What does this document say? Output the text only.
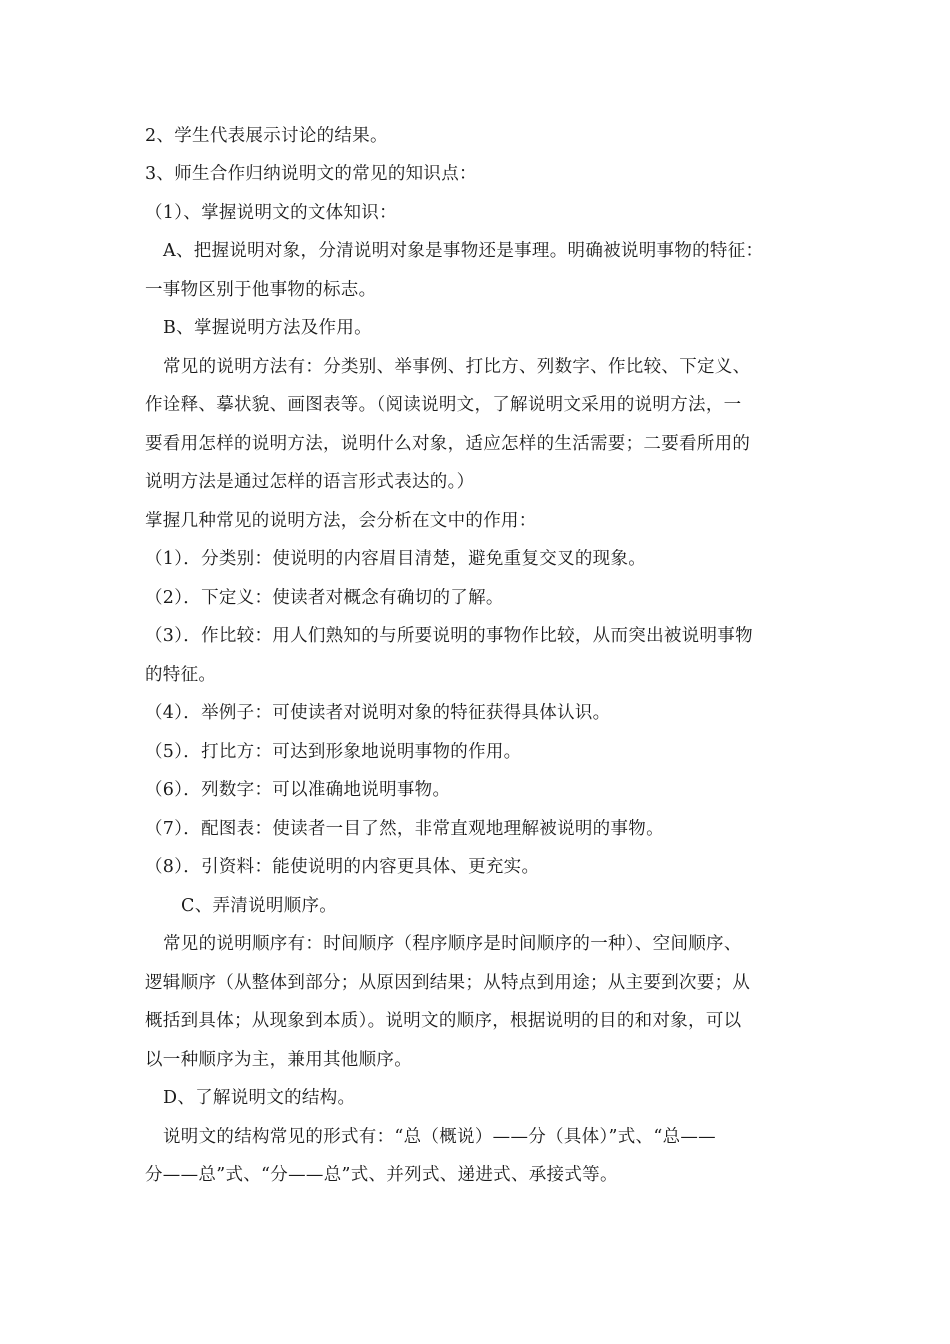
2、学生代表展示讨论的结果。
3、师生合作归纳说明文的常见的知识点：
（1）、掌握说明文的文体知识：
A、把握说明对象，分清说明对象是事物还是事理。明确被说明事物的特征：
一事物区别于他事物的标志。
B、掌握说明方法及作用。
常见的说明方法有：分类别、举事例、打比方、列数字、作比较、下定义、
作诠释、摹状貌、画图表等。（阅读说明文，了解说明文采用的说明方法，一
要看用怎样的说明方法，说明什么对象，适应怎样的生活需要；二要看所用的
说明方法是通过怎样的语言形式表达的。）
掌握几种常见的说明方法，会分析在文中的作用：
（1）．分类别：使说明的内容眉目清楚，避免重复交叉的现象。
（2）．下定义：使读者对概念有确切的了解。
（3）．作比较：用人们熟知的与所要说明的事物作比较，从而突出被说明事物
的特征。
（4）．举例子：可使读者对说明对象的特征获得具体认识。
（5）．打比方：可达到形象地说明事物的作用。
（6）．列数字：可以准确地说明事物。
（7）．配图表：使读者一目了然，非常直观地理解被说明的事物。
（8）．引资料：能使说明的内容更具体、更充实。
C、弄清说明顺序。
常见的说明顺序有：时间顺序（程序顺序是时间顺序的一种）、空间顺序、
逻辑顺序（从整体到部分；从原因到结果；从特点到用途；从主要到次要；从
概括到具体；从现象到本质）。说明文的顺序，根据说明的目的和对象，可以
以一种顺序为主，兼用其他顺序。
D、了解说明文的结构。
说明文的结构常见的形式有：“总（概说）——分（具体）”式、“总——
分——总”式、“分——总”式、并列式、递进式、承接式等。
